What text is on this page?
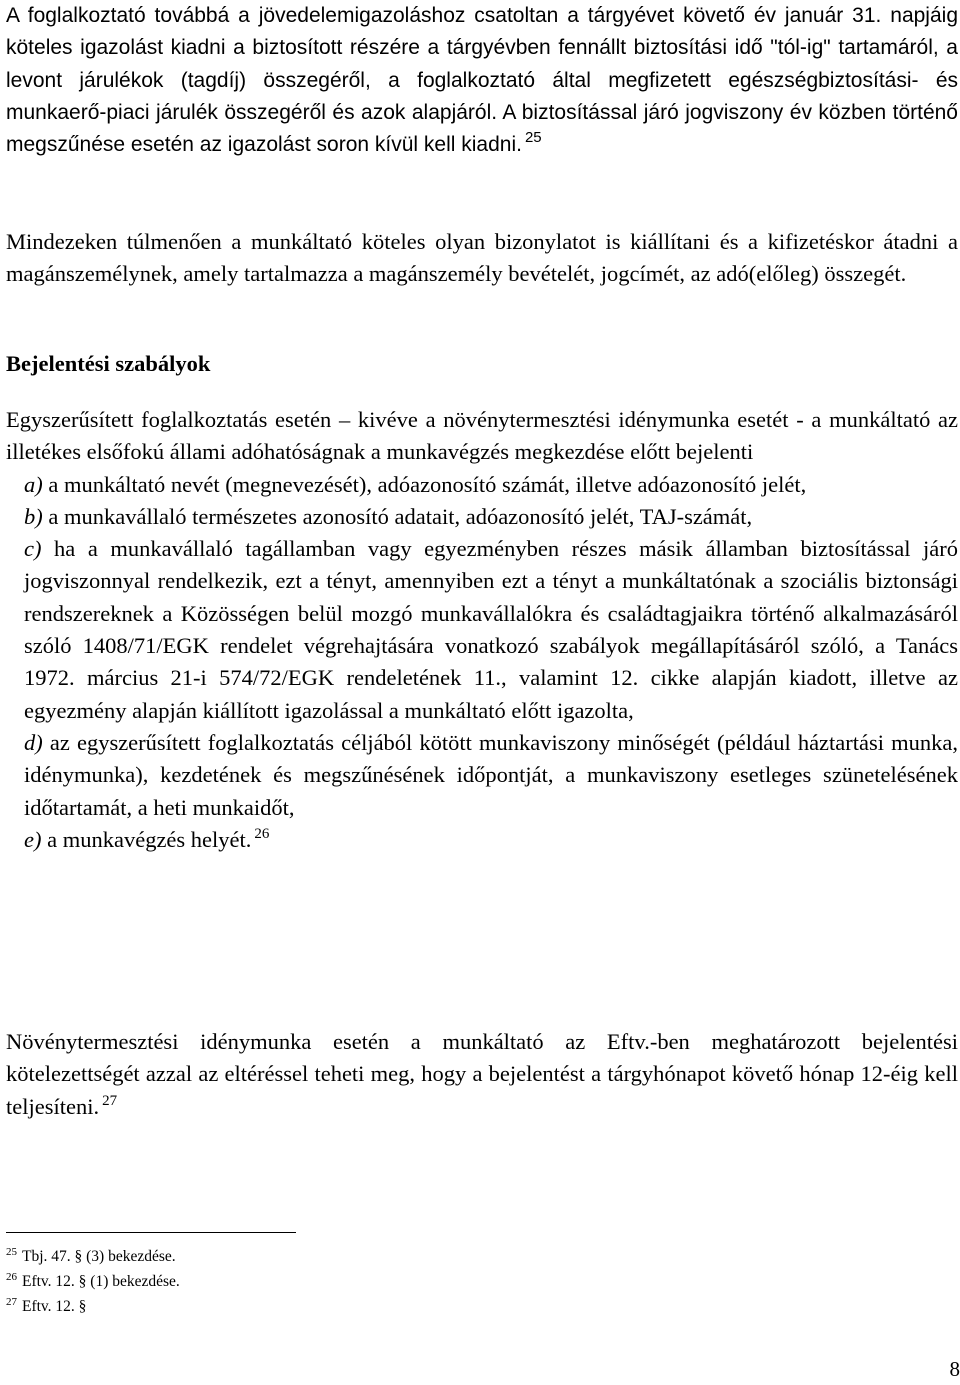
A foglalkoztató továbbá a jövedelemigazoláshoz csatoltan a tárgyévet követő év január 31. napjáig köteles igazolást kiadni a biztosított részére a tárgyévben fennállt biztosítási idő "tól-ig" tartamáról, a levont járulékok (tagdíj) összegéről, a foglalkoztató által megfizetett egészségbiztosítási- és munkaerő-piaci járulék összegéről és azok alapjáról. A biztosítással járó jogviszony év közben történő megszűnése esetén az igazolást soron kívül kell kiadni. $^{25}$
Mindezeken túlmenően a munkáltató köteles olyan bizonylatot is kiállítani és a kifizetéskor átadni a magánszemélynek, amely tartalmazza a magánszemély bevételét, jogcímét, az adó(előleg) összegét.
Bejelentési szabályok
Egyszerűsített foglalkoztatás esetén – kivéve a növénytermesztési idénymunka esetét - a munkáltató az illetékes elsőfokú állami adóhatóságnak a munkavégzés megkezdése előtt bejelenti
a) a munkáltató nevét (megnevezését), adóazonosító számát, illetve adóazonosító jelét,
b) a munkavállaló természetes azonosító adatait, adóazonosító jelét, TAJ-számát,
c) ha a munkavállaló tagállamban vagy egyezményben részes másik államban biztosítással járó jogviszonnyal rendelkezik, ezt a tényt, amennyiben ezt a tényt a munkáltatónak a szociális biztonsági rendszereknek a Közösségen belül mozgó munkavállalókra és családtagjaikra történő alkalmazásáról szóló 1408/71/EGK rendelet végrehajtására vonatkozó szabályok megállapításáról szóló, a Tanács 1972. március 21-i 574/72/EGK rendeletének 11., valamint 12. cikke alapján kiadott, illetve az egyezmény alapján kiállított igazolással a munkáltató előtt igazolta,
d) az egyszerűsített foglalkoztatás céljából kötött munkaviszony minőségét (például háztartási munka, idénymunka), kezdetének és megszűnésének időpontját, a munkaviszony esetleges szünetelésének időtartamát, a heti munkaidőt,
e) a munkavégzés helyét. $^{26}$
Növénytermesztési idénymunka esetén a munkáltató az Eftv.-ben meghatározott bejelentési kötelezettségét azzal az eltéréssel teheti meg, hogy a bejelentést a tárgyhónapot követő hónap 12-éig kell teljesíteni. $^{27}$
$^{25}$ Tbj. 47. § (3) bekezdése.
$^{26}$ Eftv. 12. § (1) bekezdése.
$^{27}$ Eftv. 12. §
8
